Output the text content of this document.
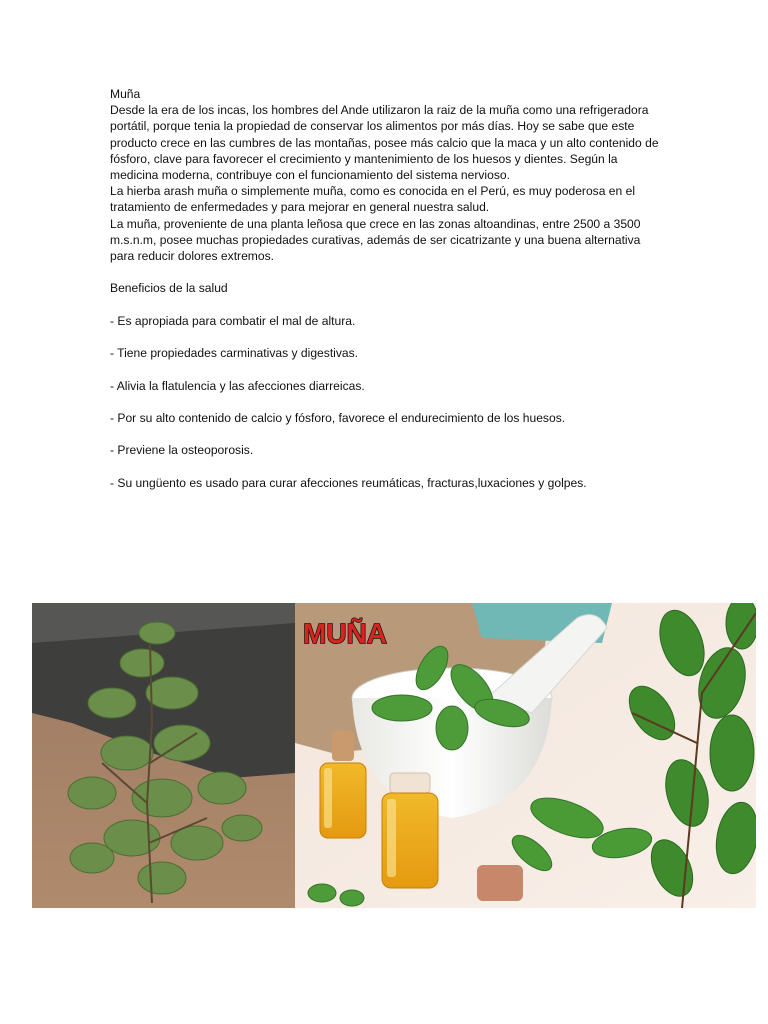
Muña

Desde la era de los incas, los hombres del Ande utilizaron la raiz de la muña como una refrigeradora portátil, porque tenia la propiedad de conservar los alimentos por más días. Hoy se sabe que este producto crece en las cumbres de las montañas, posee más calcio que la maca y un alto contenido de fósforo, clave para favorecer el crecimiento y mantenimiento de los huesos y dientes. Según la medicina moderna, contribuye con el funcionamiento del sistema nervioso.

La hierba arash muña o simplemente muña, como es conocida en el Perú, es muy poderosa en el tratamiento de enfermedades y para mejorar en general nuestra salud.

La muña, proveniente de una planta leñosa que crece en las zonas altoandinas, entre 2500 a 3500 m.s.n.m, posee muchas propiedades curativas, además de ser cicatrizante y una buena alternativa para reducir dolores extremos.

Beneficios de la salud

- Es apropiada para combatir el mal de altura.

- Tiene propiedades carminativas y digestivas.

- Alivia la flatulencia y las afecciones diarreicas.

- Por su alto contenido de calcio y fósforo, favorece el endurecimiento de los huesos.

- Previene la osteoporosis.

- Su ungüento es usado para curar afecciones reumáticas, fracturas,luxaciones y golpes.

MUÑA
